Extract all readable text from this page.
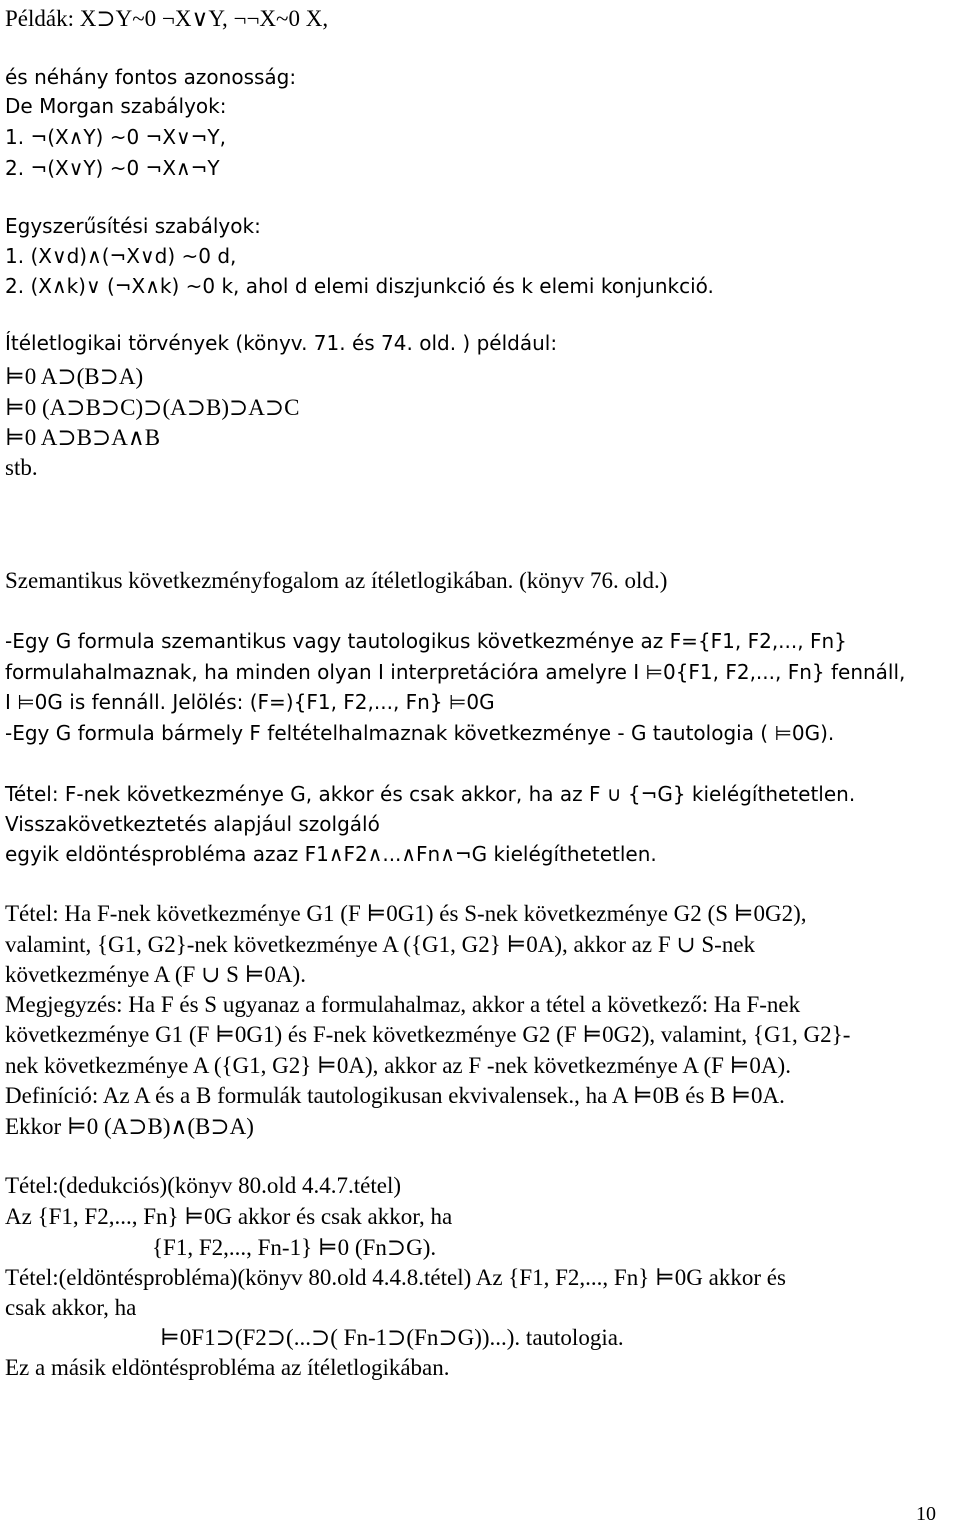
Példák: X⊃Y~0 ¬X∨Y, ¬¬X~0 X,
és néhány fontos azonosság:
De Morgan szabályok:
1. ¬(X∧Y) ~0 ¬X∨¬Y,
2. ¬(X∨Y) ~0 ¬X∧¬Y
Egyszerűsítési szabályok:
1. (X∨d)∧(¬X∨d) ~0 d,
2. (X∧k)∨ (¬X∧k) ~0 k, ahol d elemi diszjunkció és k elemi konjunkció.
Ítéletlogikai törvények (könyv. 71. és 74. old. ) például:
⊨0 A⊃(B⊃A)
⊨0 (A⊃B⊃C)⊃(A⊃B)⊃A⊃C
⊨0 A⊃B⊃A∧B
stb.
Szemantikus következményfogalom az ítéletlogikában. (könyv 76. old.)
-Egy G formula szemantikus vagy tautologikus következménye az F={F1, F2,..., Fn}
formulahalmaznak, ha minden olyan I interpretációra amelyre I ⊨0{F1, F2,..., Fn} fennáll,
I ⊨0G is fennáll. Jelölés: (F=){F1, F2,..., Fn} ⊨0G
-Egy G formula bármely F feltételhalmaznak következménye - G tautologia ( ⊨0G).
Tétel: F-nek következménye G, akkor és csak akkor, ha az F ∪ {¬G} kielégíthetetlen.
Visszakövetkeztetés alapjául szolgáló
egyik eldöntésprobléma azaz F1∧F2∧...∧Fn∧¬G kielégíthetetlen.
Tétel: Ha F-nek következménye G1 (F ⊨0G1) és S-nek következménye G2 (S ⊨0G2),
valamint, {G1, G2}-nek következménye A ({G1, G2} ⊨0A), akkor az F ∪ S-nek
következménye A (F ∪ S ⊨0A).
Megjegyzés: Ha F és S ugyanaz a formulahalmaz, akkor a tétel a következő: Ha F-nek
következménye G1 (F ⊨0G1) és F-nek következménye G2 (F ⊨0G2), valamint, {G1, G2}-
nek következménye A ({G1, G2} ⊨0A), akkor az F -nek következménye A (F ⊨0A).
Definíció: Az A és a B formulák tautologikusan ekvivalensek., ha A ⊨0B és B ⊨0A.
Ekkor ⊨0 (A⊃B)∧(B⊃A)
Tétel:(dedukciós)(könyv 80.old 4.4.7.tétel)
Az {F1, F2,..., Fn} ⊨0G akkor és csak akkor, ha
{F1, F2,..., Fn-1} ⊨0 (Fn⊃G).
Tétel:(eldöntésprobléma)(könyv 80.old 4.4.8.tétel) Az {F1, F2,..., Fn} ⊨0G akkor és
csak akkor, ha
⊨0F1⊃(F2⊃(...⊃( Fn-1⊃(Fn⊃G))...). tautologia.
Ez a másik eldöntésprobléma az ítéletlogikában.
10
